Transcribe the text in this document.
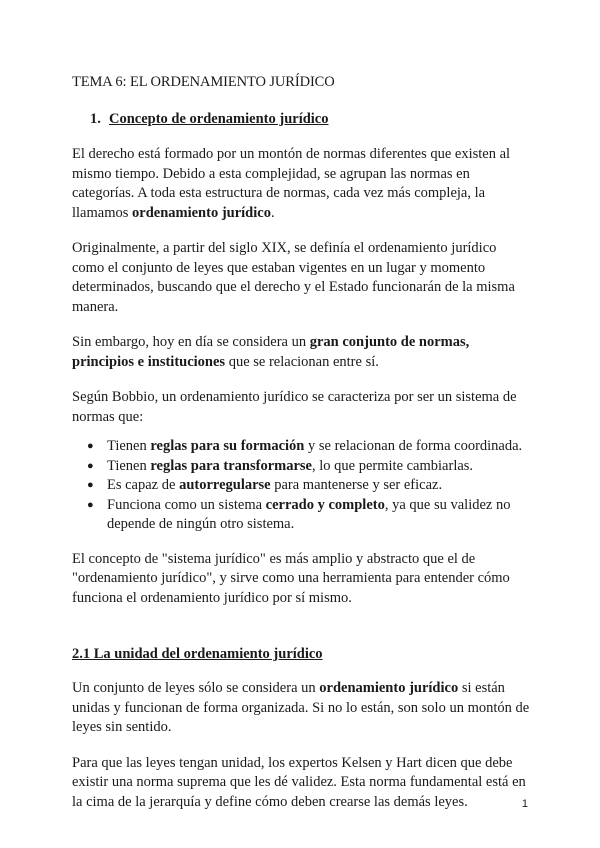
TEMA 6: EL ORDENAMIENTO JURÍDICO
1. Concepto de ordenamiento jurídico

El derecho está formado por un montón de normas diferentes que existen al mismo tiempo. Debido a esta complejidad, se agrupan las normas en categorías. A toda esta estructura de normas, cada vez más compleja, la llamamos ordenamiento jurídico.

Originalmente, a partir del siglo XIX, se definía el ordenamiento jurídico como el conjunto de leyes que estaban vigentes en un lugar y momento determinados, buscando que el derecho y el Estado funcionarán de la misma manera.

Sin embargo, hoy en día se considera un gran conjunto de normas, principios e instituciones que se relacionan entre sí.

Según Bobbio, un ordenamiento jurídico se caracteriza por ser un sistema de normas que:

● Tienen reglas para su formación y se relacionan de forma coordinada.
● Tienen reglas para transformarse, lo que permite cambiarlas.
● Es capaz de autorregularse para mantenerse y ser eficaz.
● Funciona como un sistema cerrado y completo, ya que su validez no depende de ningún otro sistema.

El concepto de "sistema jurídico" es más amplio y abstracto que el de "ordenamiento jurídico", y sirve como una herramienta para entender cómo funciona el ordenamiento jurídico por sí mismo.

2.1 La unidad del ordenamiento jurídico

Un conjunto de leyes sólo se considera un ordenamiento jurídico si están unidas y funcionan de forma organizada. Si no lo están, son solo un montón de leyes sin sentido.

Para que las leyes tengan unidad, los expertos Kelsen y Hart dicen que debe existir una norma suprema que les dé validez. Esta norma fundamental está en la cima de la jerarquía y define cómo deben crearse las demás leyes.	1
